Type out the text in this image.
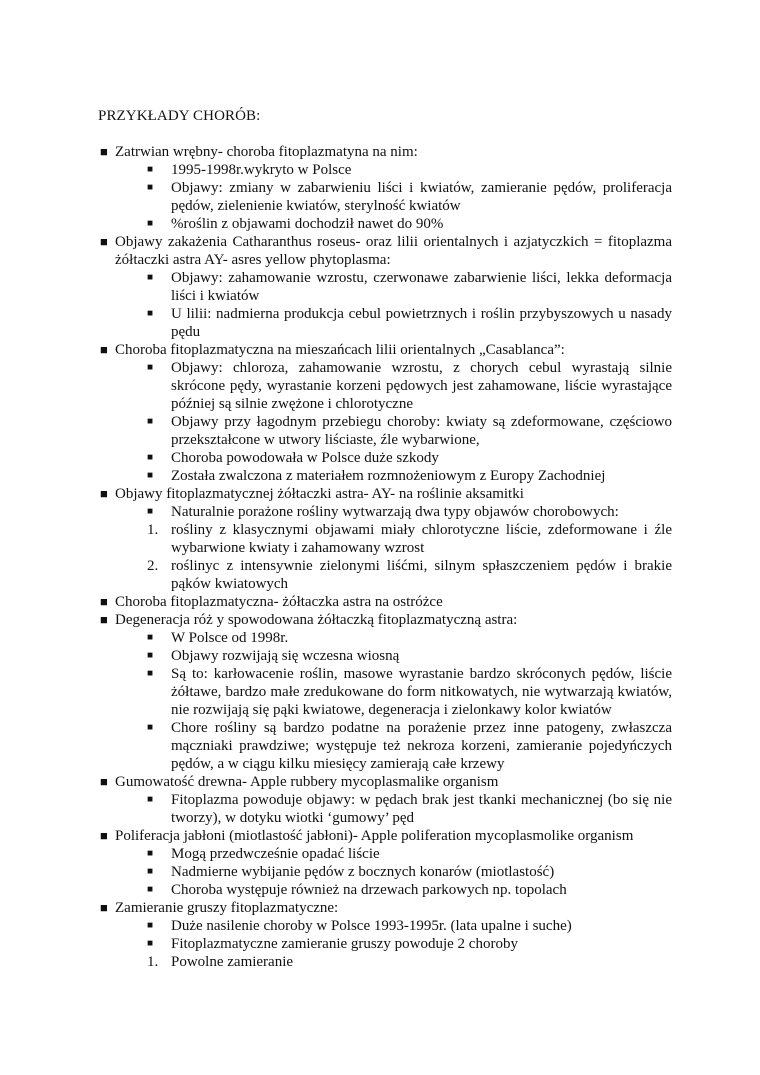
PRZYKŁADY CHORÓB:
■ Zatrwian wrębny- choroba fitoplazmatyna na nim:
■	1995-1998r.wykryto w Polsce
■	Objawy: zmiany w zabarwieniu liści i kwiatów, zamieranie pędów, proliferacja pędów, zielenienie kwiatów, sterylność kwiatów
■	%roślin z objawami dochodził nawet do 90%
■ Objawy zakażenia Catharanthus roseus- oraz lilii orientalnych i azjatyczkich = fitoplazma żółtaczki astra AY- asres yellow phytoplasma:
■	Objawy: zahamowanie wzrostu, czerwonawe zabarwienie liści, lekka deformacja liści i kwiatów
■	U lilii: nadmierna produkcja cebul powietrznych i roślin przybyszowych u nasady pędu
■ Choroba fitoplazmatyczna na mieszańcach lilii orientalnych „Casablanca”:
■	Objawy: chloroza, zahamowanie wzrostu, z chorych cebul wyrastają silnie skrócone pędy, wyrastanie korzeni pędowych jest zahamowane, liście wyrastające później są silnie zwężone i chlorotyczne
■	Objawy przy łagodnym przebiegu choroby: kwiaty są zdeformowane, częściowo przekształcone w utwory liściaste, źle wybarwione,
■	Choroba powodowała w Polsce duże szkody
■	Została zwalczona z materiałem rozmnożeniowym z Europy Zachodniej
■ Objawy fitoplazmatycznej żółtaczki astra- AY- na roślinie aksamitki
■	Naturalnie porażone rośliny wytwarzają dwa typy objawów chorobowych:
1. rośliny z klasycznymi objawami miały chlorotyczne liście, zdeformowane i źle wybarwione kwiaty i zahamowany wzrost
2. roślinyc z intensywnie zielonymi liśćmi, silnym spłaszczeniem pędów i brakie pąków kwiatowych
■ Choroba fitoplazmatyczna- żółtaczka astra na ostróżce
■ Degeneracja róż y spowodowana żółtaczką fitoplazmatyczną astra:
■	W Polsce od 1998r.
■	Objawy rozwijają się wczesna wiosną
■	Są to: karłowacenie roślin, masowe wyrastanie bardzo skróconych pędów, liście żółtawe, bardzo małe zredukowane do form nitkowatych, nie wytwarzają kwiatów, nie rozwijają się pąki kwiatowe, degeneracja i zielonkawy kolor kwiatów
■	Chore rośliny są bardzo podatne na porażenie przez inne patogeny, zwłaszcza mączniaki prawdziwe; występuje też nekroza korzeni, zamieranie pojedyńczych pędów, a w ciągu kilku miesięcy zamierają całe krzewy
■ Gumowatość drewna- Apple rubbery mycoplasmalike organism
■	Fitoplazma powoduje objawy: w pędach brak jest tkanki mechanicznej (bo się nie tworzy), w dotyku wiotki ‘gumowy’ pęd
■ Poliferacja jabłoni (miotlastość jabłoni)- Apple poliferation mycoplasmolike organism
■	Mogą przedwcześnie opadać liście
■	Nadmierne wybijanie pędów z bocznych konarów (miotlastość)
■	Choroba występuje również na drzewach parkowych np. topolach
■ Zamieranie gruszy fitoplazmatyczne:
■	Duże nasilenie choroby w Polsce 1993-1995r. (lata upalne i suche)
■	Fitoplazmatyczne zamieranie gruszy powoduje 2 choroby
1. Powolne zamieranie
